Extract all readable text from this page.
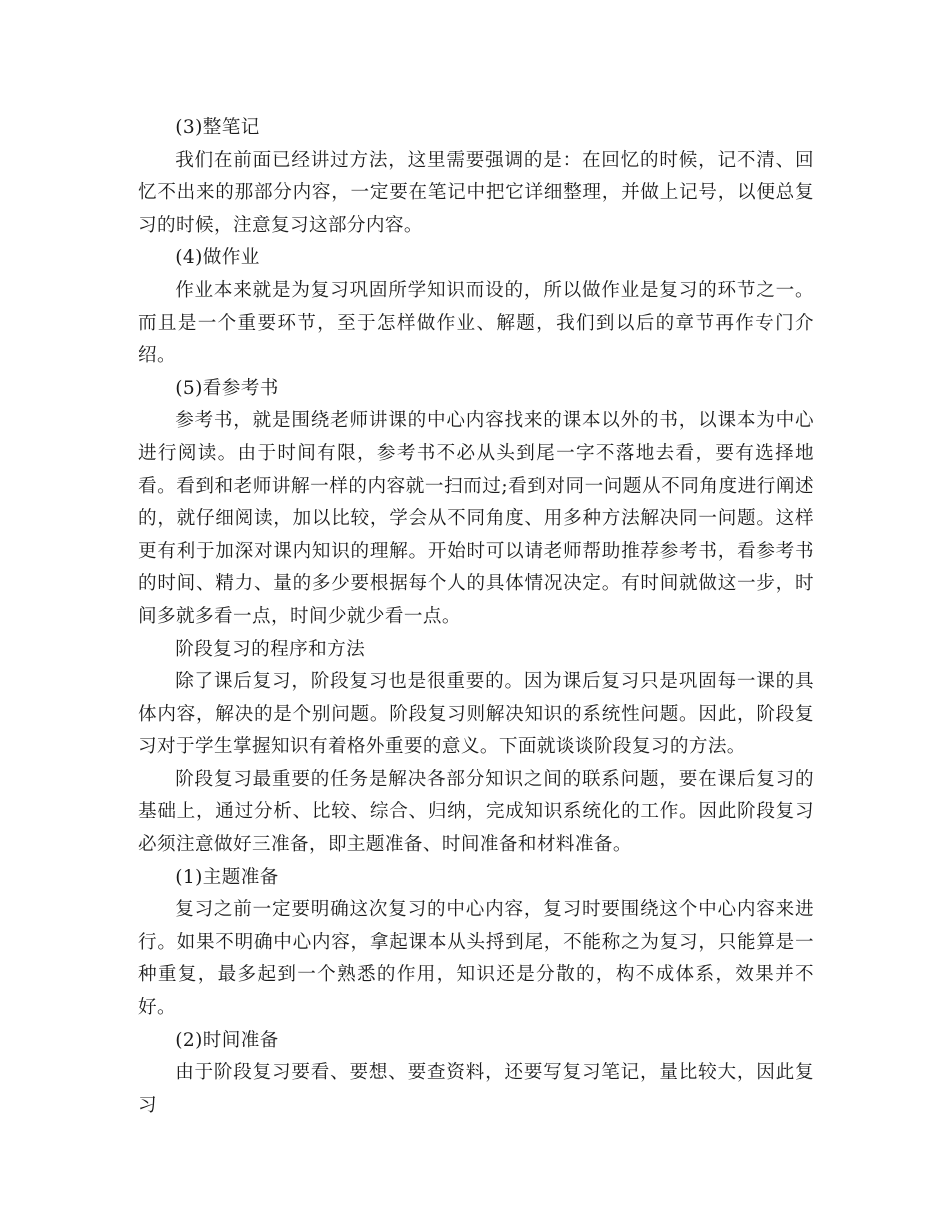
(3)整笔记

我们在前面已经讲过方法，这里需要强调的是：在回忆的时候，记不清、回忆不出来的那部分内容，一定要在笔记中把它详细整理，并做上记号，以便总复习的时候，注意复习这部分内容。

(4)做作业

作业本来就是为复习巩固所学知识而设的，所以做作业是复习的环节之一。而且是一个重要环节，至于怎样做作业、解题，我们到以后的章节再作专门介绍。

(5)看参考书

参考书，就是围绕老师讲课的中心内容找来的课本以外的书，以课本为中心进行阅读。由于时间有限，参考书不必从头到尾一字不落地去看，要有选择地看。看到和老师讲解一样的内容就一扫而过;看到对同一问题从不同角度进行阐述的，就仔细阅读，加以比较，学会从不同角度、用多种方法解决同一问题。这样更有利于加深对课内知识的理解。开始时可以请老师帮助推荐参考书，看参考书的时间、精力、量的多少要根据每个人的具体情况决定。有时间就做这一步，时间多就多看一点，时间少就少看一点。

阶段复习的程序和方法

除了课后复习，阶段复习也是很重要的。因为课后复习只是巩固每一课的具体内容，解决的是个别问题。阶段复习则解决知识的系统性问题。因此，阶段复习对于学生掌握知识有着格外重要的意义。下面就谈谈阶段复习的方法。

阶段复习最重要的任务是解决各部分知识之间的联系问题，要在课后复习的基础上，通过分析、比较、综合、归纳，完成知识系统化的工作。因此阶段复习必须注意做好三准备，即主题准备、时间准备和材料准备。

(1)主题准备

复习之前一定要明确这次复习的中心内容，复习时要围绕这个中心内容来进行。如果不明确中心内容，拿起课本从头捋到尾，不能称之为复习，只能算是一种重复，最多起到一个熟悉的作用，知识还是分散的，构不成体系，效果并不好。

(2)时间准备

由于阶段复习要看、要想、要查资料，还要写复习笔记，量比较大，因此复习
